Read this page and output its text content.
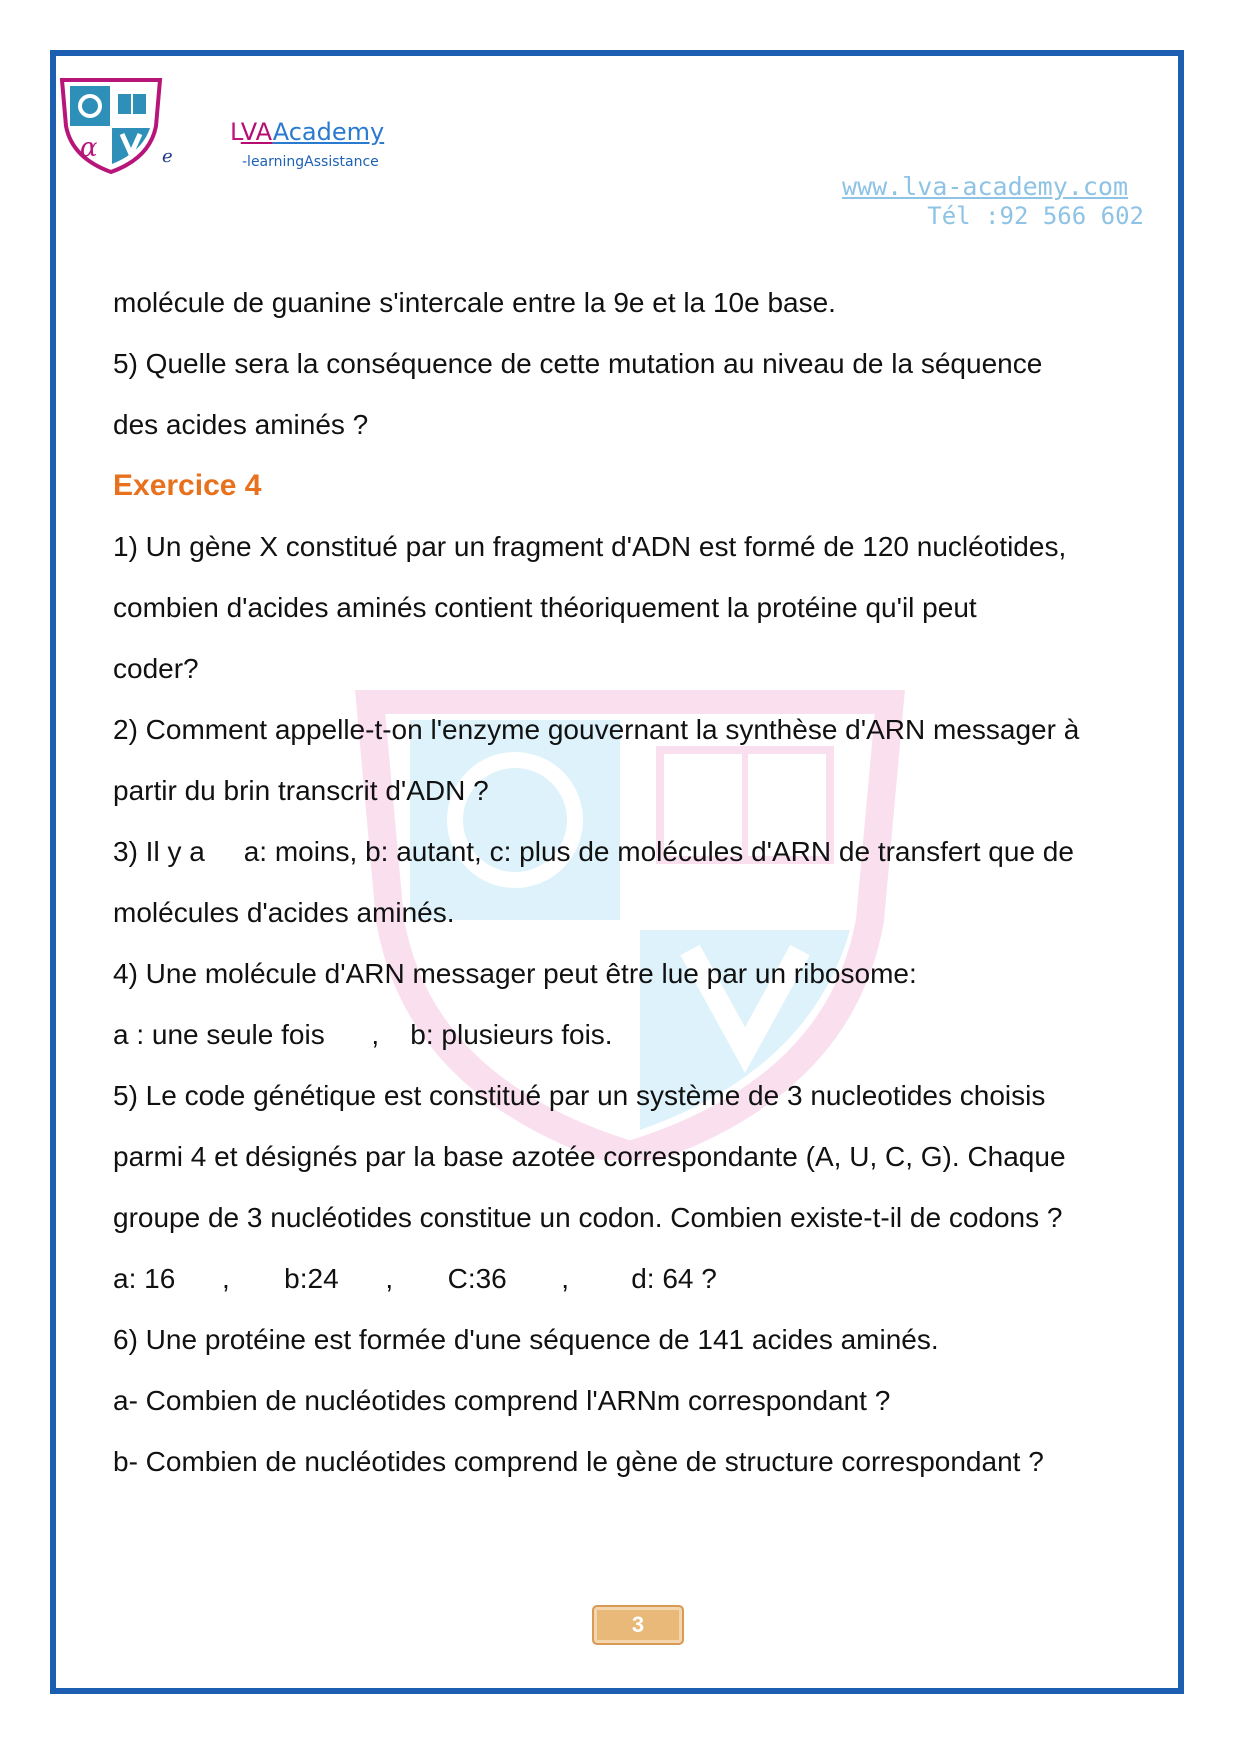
α	e
LVAAcademy
-learningAssistance
www.lva-academy.com
Tél :92 566 602
molécule de guanine s'intercale entre la 9e et la 10e base.
5) Quelle sera la conséquence de cette mutation au niveau de la séquence
des acides aminés ?
Exercice 4
1) Un gène X constitué par un fragment d'ADN est formé de 120 nucléotides,
combien d'acides aminés contient théoriquement la protéine qu'il peut
coder?
2) Comment appelle-t-on l'enzyme gouvernant la synthèse d'ARN messager à
partir du brin transcrit d'ADN ?
3) Il y a     a: moins, b: autant, c: plus de molécules d'ARN de transfert que de
molécules d'acides aminés.
4) Une molécule d'ARN messager peut être lue par un ribosome:
a : une seule fois      ,    b: plusieurs fois.
5) Le code génétique est constitué par un système de 3 nucleotides choisis
parmi 4 et désignés par la base azotée correspondante (A, U, C, G). Chaque
groupe de 3 nucléotides constitue un codon. Combien existe-t-il de codons ?
a: 16      ,       b:24      ,       C:36       ,        d: 64 ?
6) Une protéine est formée d'une séquence de 141 acides aminés.
a- Combien de nucléotides comprend l'ARNm correspondant ?
b- Combien de nucléotides comprend le gène de structure correspondant ?
3
